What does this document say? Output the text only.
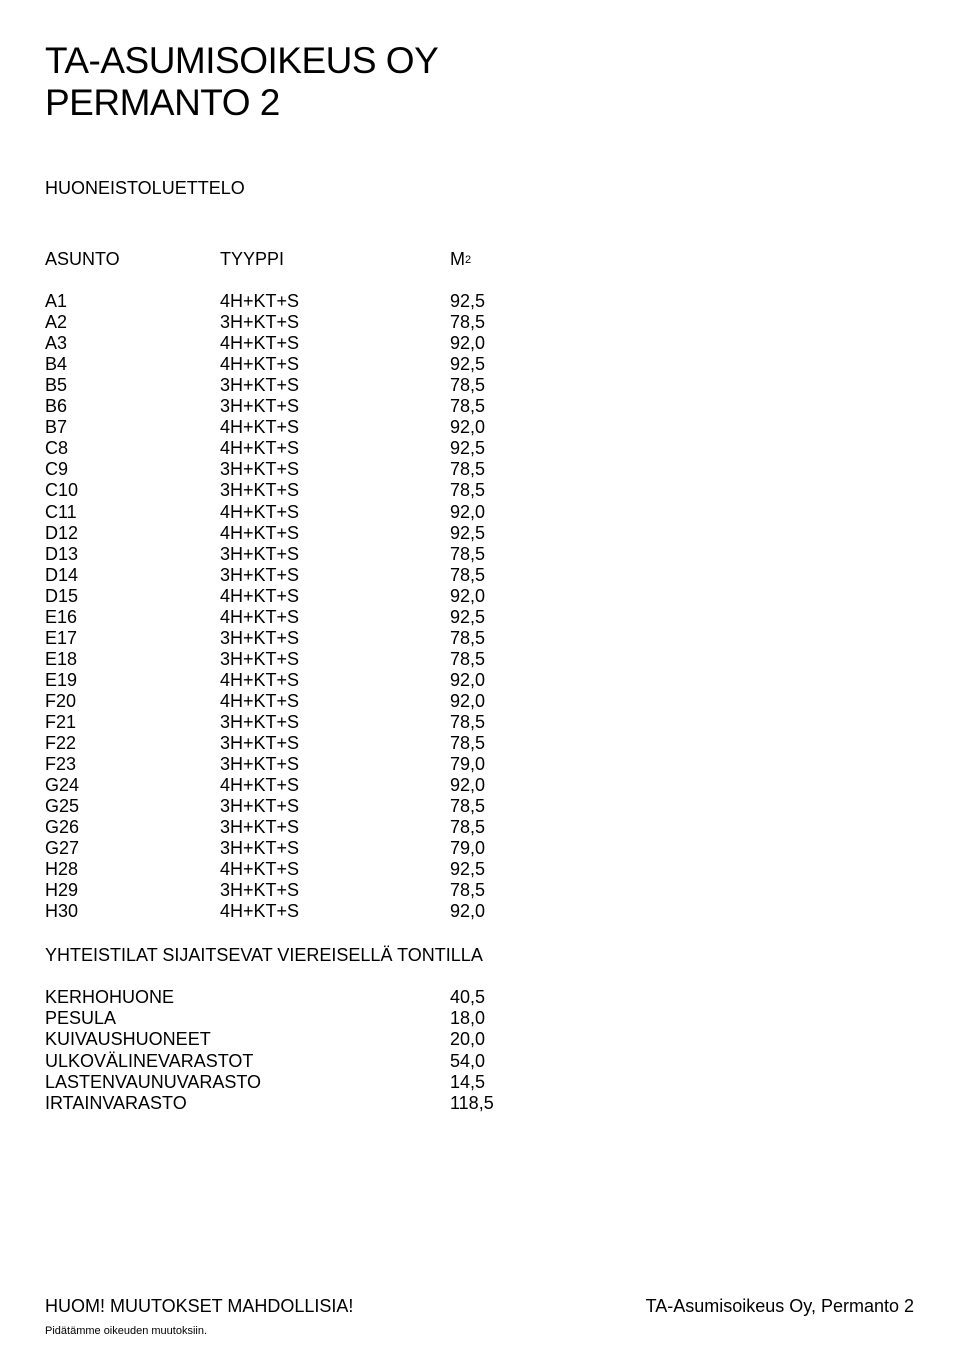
TA-ASUMISOIKEUS OY
PERMANTO 2
HUONEISTOLUETTELO
ASUNTO	TYYPPI	$M^2$
A1	4H+KT+S	92,5
A2	3H+KT+S	78,5
A3	4H+KT+S	92,0
B4	4H+KT+S	92,5
B5	3H+KT+S	78,5
B6	3H+KT+S	78,5
B7	4H+KT+S	92,0
C8	4H+KT+S	92,5
C9	3H+KT+S	78,5
C10	3H+KT+S	78,5
C11	4H+KT+S	92,0
D12	4H+KT+S	92,5
D13	3H+KT+S	78,5
D14	3H+KT+S	78,5
D15	4H+KT+S	92,0
E16	4H+KT+S	92,5
E17	3H+KT+S	78,5
E18	3H+KT+S	78,5
E19	4H+KT+S	92,0
F20	4H+KT+S	92,0
F21	3H+KT+S	78,5
F22	3H+KT+S	78,5
F23	3H+KT+S	79,0
G24	4H+KT+S	92,0
G25	3H+KT+S	78,5
G26	3H+KT+S	78,5
G27	3H+KT+S	79,0
H28	4H+KT+S	92,5
H29	3H+KT+S	78,5
H30	4H+KT+S	92,0
YHTEISTILAT SIJAITSEVAT VIEREISELLÄ TONTILLA
KERHOHUONE	40,5
PESULA	18,0
KUIVAUSHUONEET	20,0
ULKOVÄLINEVARASTOT	54,0
LASTENVAUNUVARASTO	14,5
IRTAINVARASTO	118,5
HUOM! MUUTOKSET MAHDOLLISIA!	TA-Asumisoikeus Oy, Permanto 2
Pidätämme oikeuden muutoksiin.
